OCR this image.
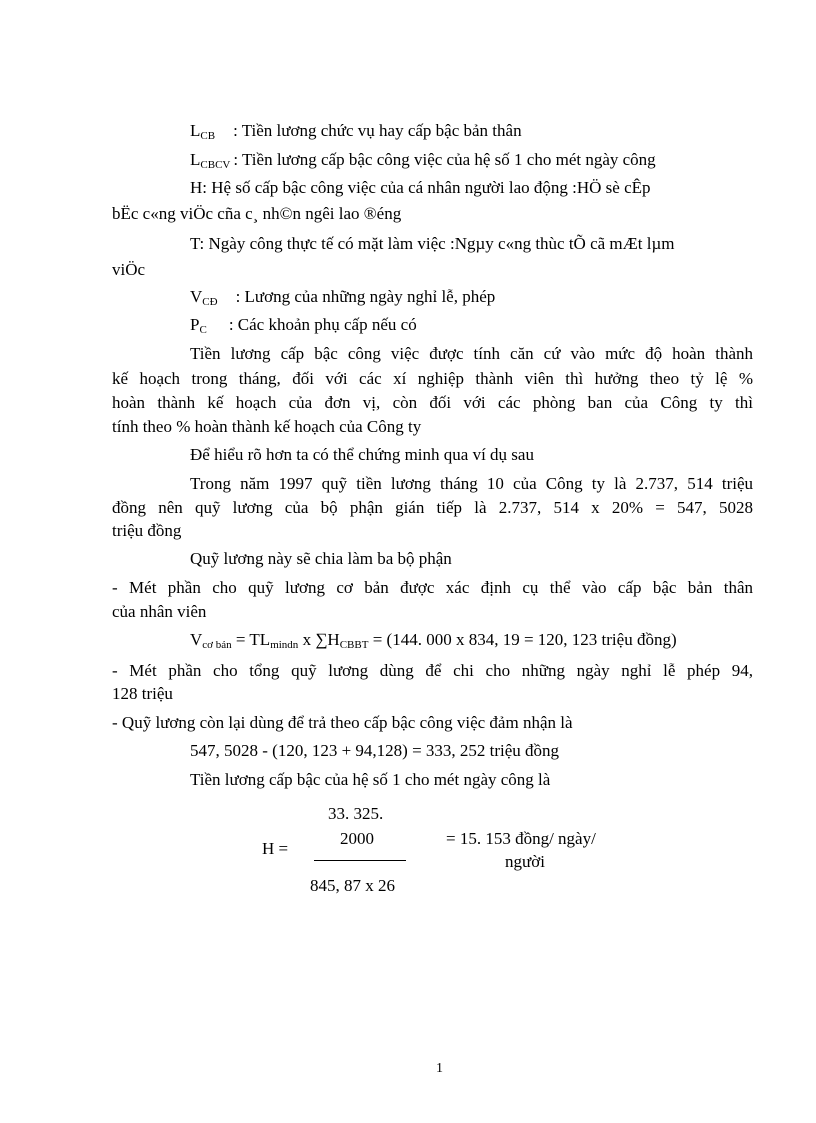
$L_{CB}$ : Tiền lương chức vụ hay cấp bậc bản thân
$L_{CBCV}$ : Tiền lương cấp bậc công việc của hệ số 1 cho mét ngày công
H: Hệ số cấp bậc công việc của cá nhân người lao động :HÖ sè cÊp
bËc c«ng viÖc cña c¸ nh©n ngêi lao ®éng
T: Ngày công thực tế có mặt làm việc :Ngµy c«ng thùc tÕ cã mÆt lµm
viÖc
$V_{CĐ}$ : Lương của những ngày nghỉ lễ, phép
$P_C$ : Các khoản phụ cấp nếu có
Tiền lương cấp bậc công việc được tính căn cứ vào mức độ hoàn thành
kế hoạch trong tháng, đối với các xí nghiệp thành viên thì hưởng theo tỷ lệ %
hoàn thành kế hoạch của đơn vị, còn đối với các phòng ban của Công ty thì
tính theo % hoàn thành kế hoạch của Công ty
Để hiểu rõ hơn ta có thể chứng minh qua ví dụ sau
Trong năm 1997 quỹ tiền lương tháng 10 của Công ty là 2.737, 514 triệu
đồng nên quỹ lương của bộ phận gián tiếp là 2.737, 514 x 20% = 547, 5028
triệu đồng
Quỹ lương này sẽ chia làm ba bộ phận
- Mét phần cho quỹ lương cơ bản được xác định cụ thể vào cấp bậc bản thân
của nhân viên
$V_{cơ bản} = TL_{mindn}$ x $\sum H_{CBBT} = (144$. 000 x 834, 19 = 120, 123 triệu đồng)
- Mét phần cho tổng quỹ lương dùng để chi cho những ngày nghỉ lễ phép 94,
128 triệu
- Quỹ lương còn lại dùng để trả theo cấp bậc công việc đảm nhận là
547, 5028 - (120, 123 + 94,128) = 333, 252 triệu đồng
Tiền lương cấp bậc của hệ số 1 cho mét ngày công là
H =
33. 325.
2000
845, 87 x 26
= 15. 153 đồng/ ngày/
người
1
